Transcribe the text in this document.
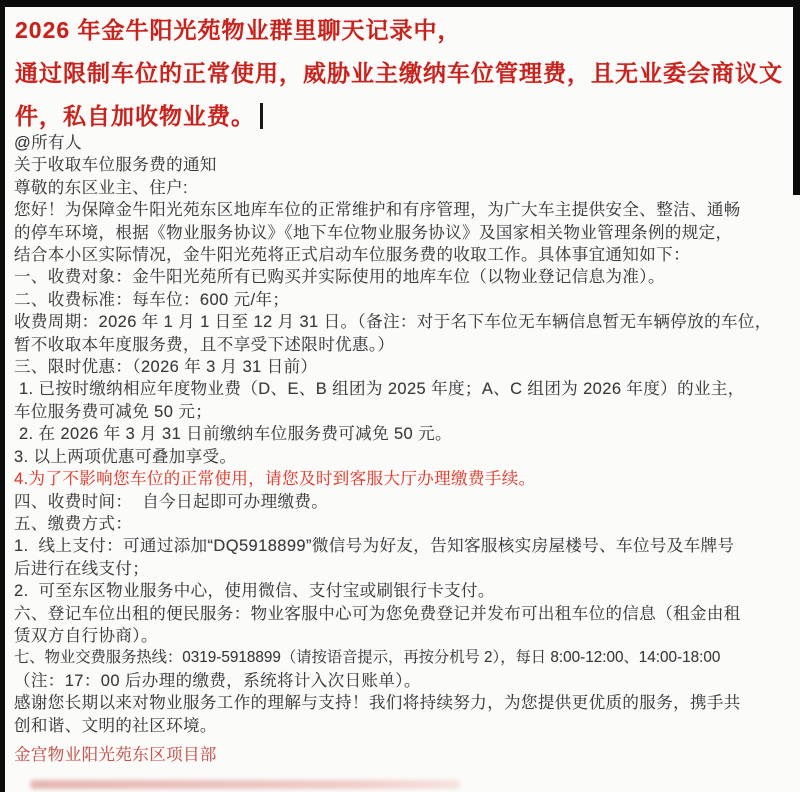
2026 年金牛阳光苑物业群里聊天记录中，

通过限制车位的正常使用，威胁业主缴纳车位管理费，且无业委会商议文

件，私自加收物业费。

@所有人

关于收取车位服务费的通知

尊敬的东区业主、住户:

您好！为保障金牛阳光苑东区地库车位的正常维护和有序管理，为广大车主提供安全、整洁、通畅

的停车环境，根据《物业服务协议》《地下车位物业服务协议》及国家相关物业管理条例的规定，

结合本小区实际情况，金牛阳光苑将正式启动车位服务费的收取工作。具体事宜通知如下：

一、收费对象：金牛阳光苑所有已购买并实际使用的地库车位（以物业登记信息为准）。

二、收费标准：每车位：600 元/年；

收费周期：2026 年 1 月 1 日至 12 月 31 日。（备注：对于名下车位无车辆信息暂无车辆停放的车位，

暂不收取本年度服务费，且不享受下述限时优惠。）

三、限时优惠：（2026 年 3 月 31 日前）

1. 已按时缴纳相应年度物业费（D、E、B 组团为 2025 年度；A、C 组团为 2026 年度）的业主，

车位服务费可减免 50 元；

2. 在 2026 年 3 月 31 日前缴纳车位服务费可减免 50 元。

3. 以上两项优惠可叠加享受。

4.为了不影响您车位的正常使用，请您及时到客服大厅办理缴费手续。

四、收费时间：  自今日起即可办理缴费。

五、缴费方式：

1.  线上支付：可通过添加“DQ5918899”微信号为好友，告知客服核实房屋楼号、车位号及车牌号

后进行在线支付；

2.  可至东区物业服务中心，使用微信、支付宝或刷银行卡支付。

六、登记车位出租的便民服务：物业客服中心可为您免费登记并发布可出租车位的信息（租金由租

赁双方自行协商）。

七、物业交费服务热线：0319-5918899（请按语音提示，再按分机号 2），每日 8:00-12:00、14:00-18:00

（注：17：00 后办理的缴费，系统将计入次日账单）。

感谢您长期以来对物业服务工作的理解与支持！我们将持续努力，为您提供更优质的服务，携手共

创和谐、文明的社区环境。

金宫物业阳光苑东区项目部
